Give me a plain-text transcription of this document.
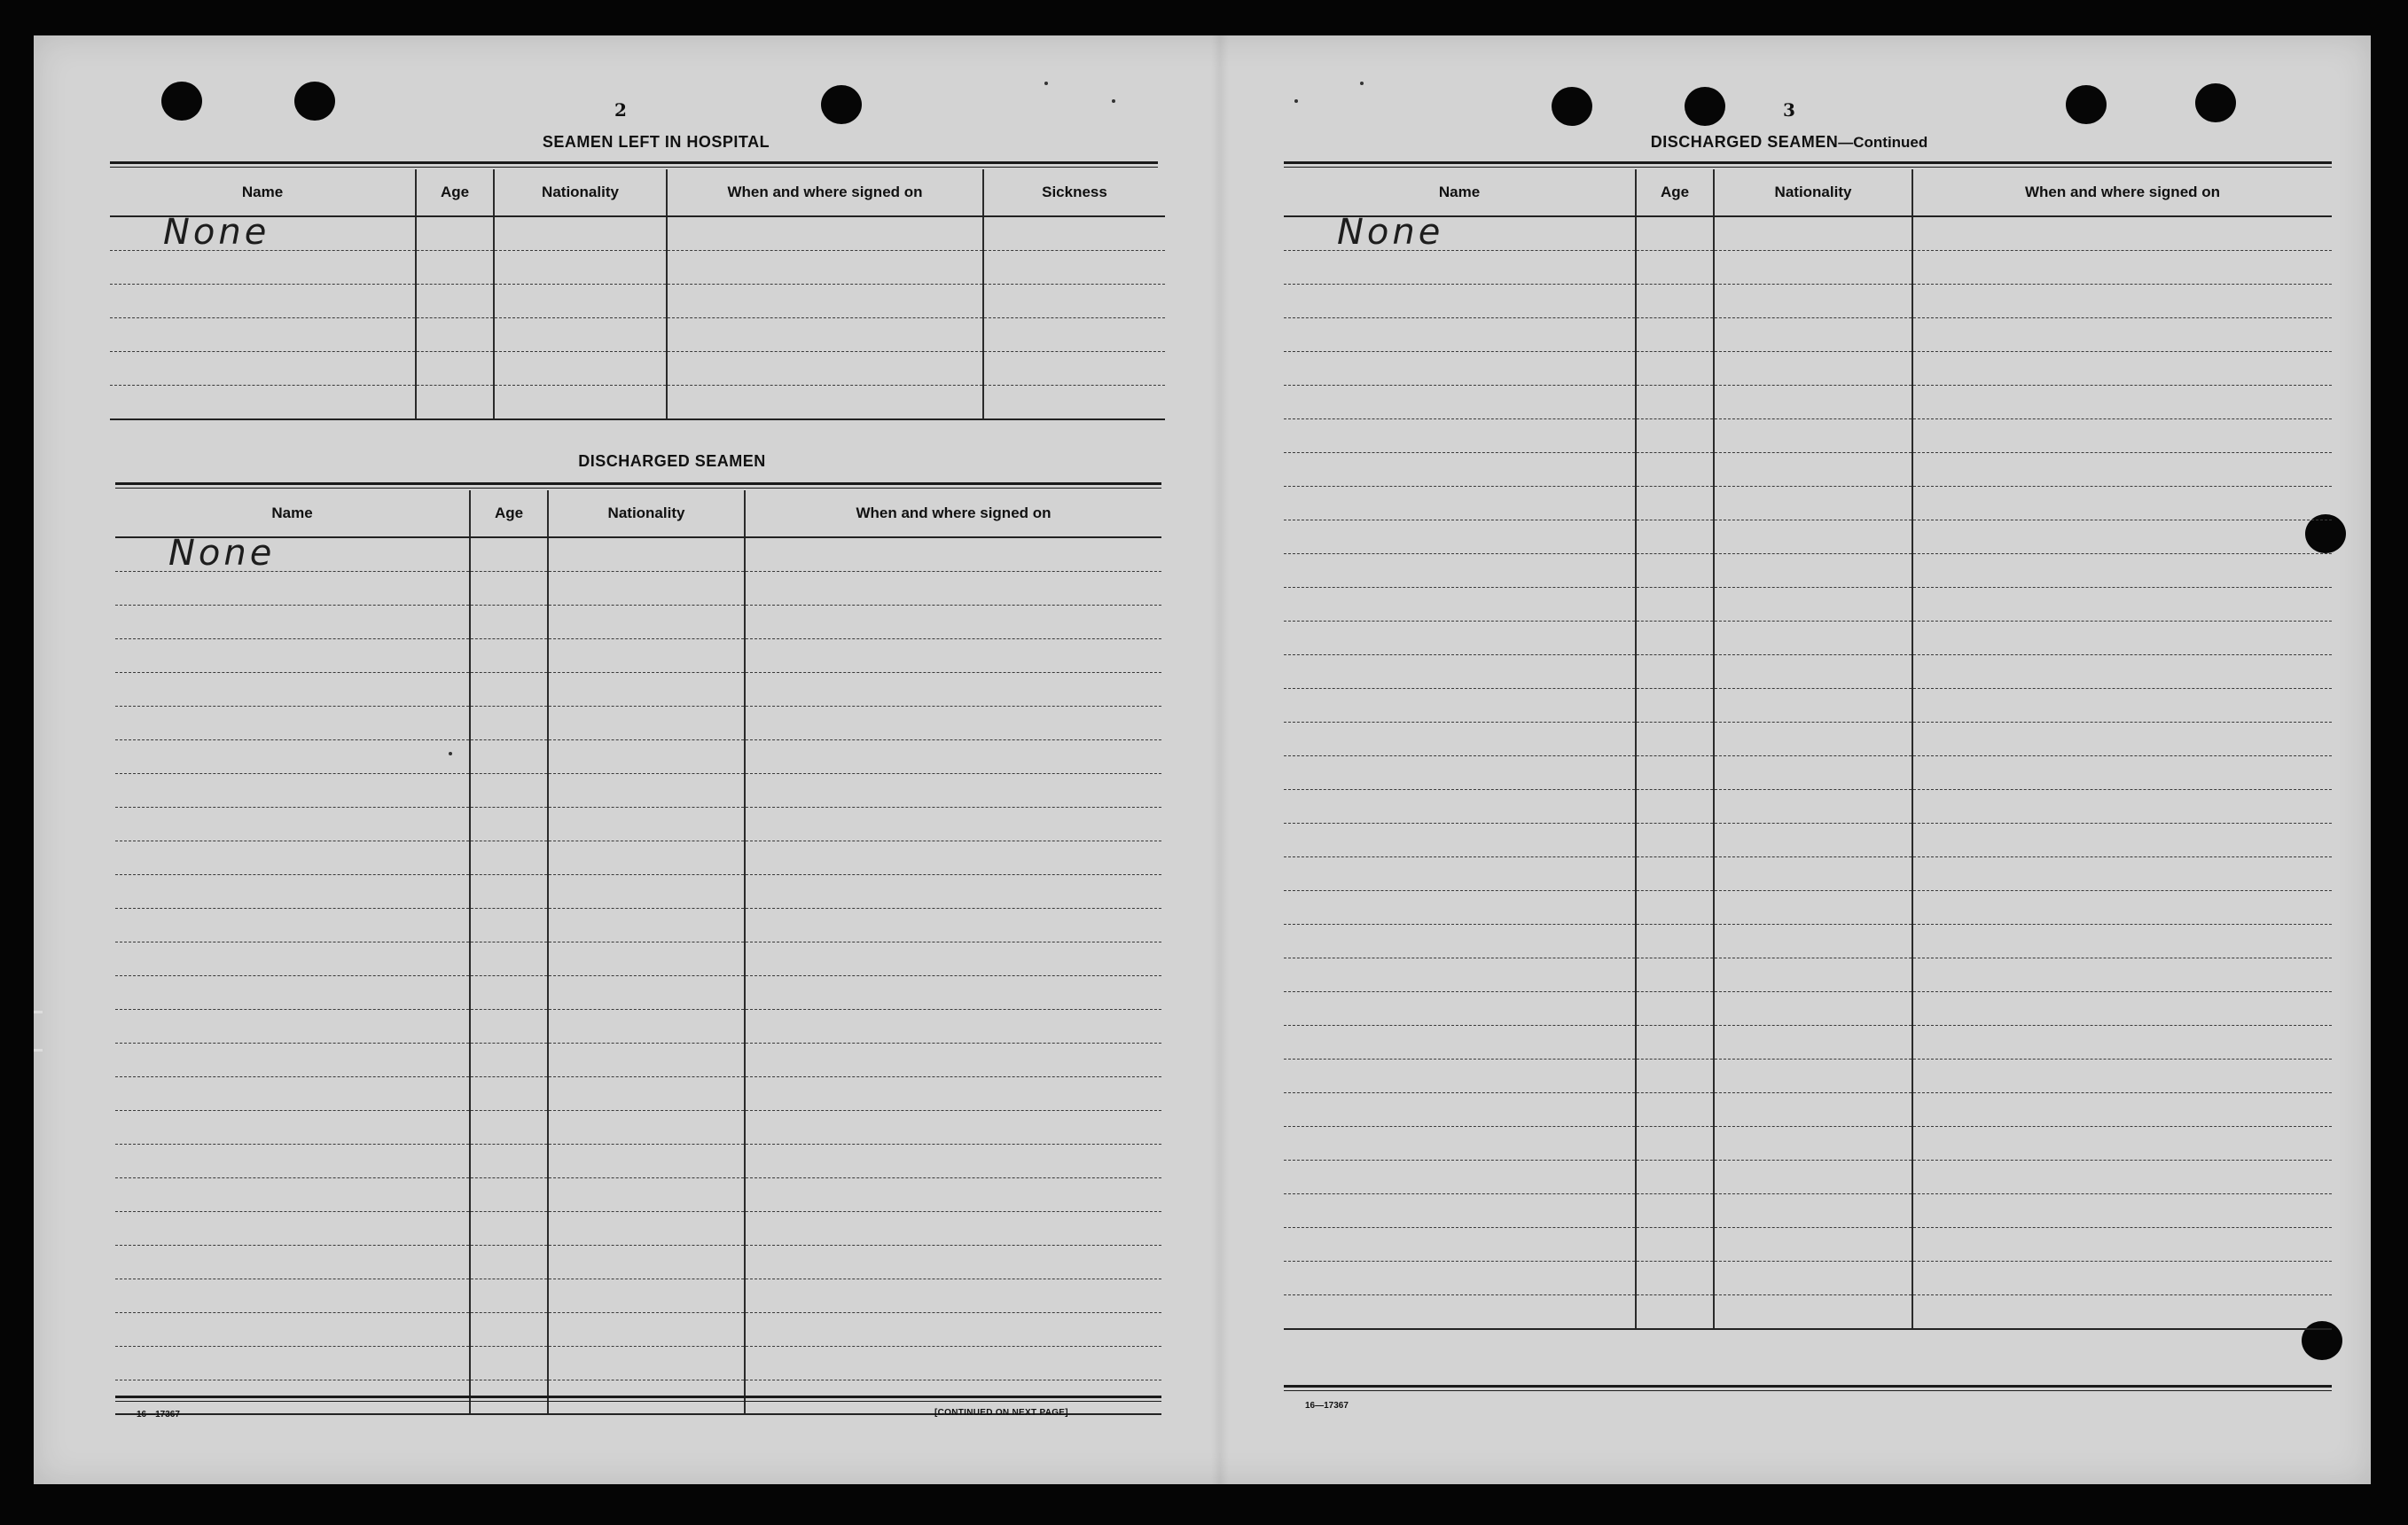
2
SEAMEN LEFT IN HOSPITAL
Name	Age	Nationality	When and where signed on	Sickness

None				

DISCHARGED SEAMEN
Name	Age	Nationality	When and where signed on

None			

16—17367	[CONTINUED ON NEXT PAGE]
3
DISCHARGED SEAMEN—Continued
Name	Age	Nationality	When and where signed on

None			

16—17367
